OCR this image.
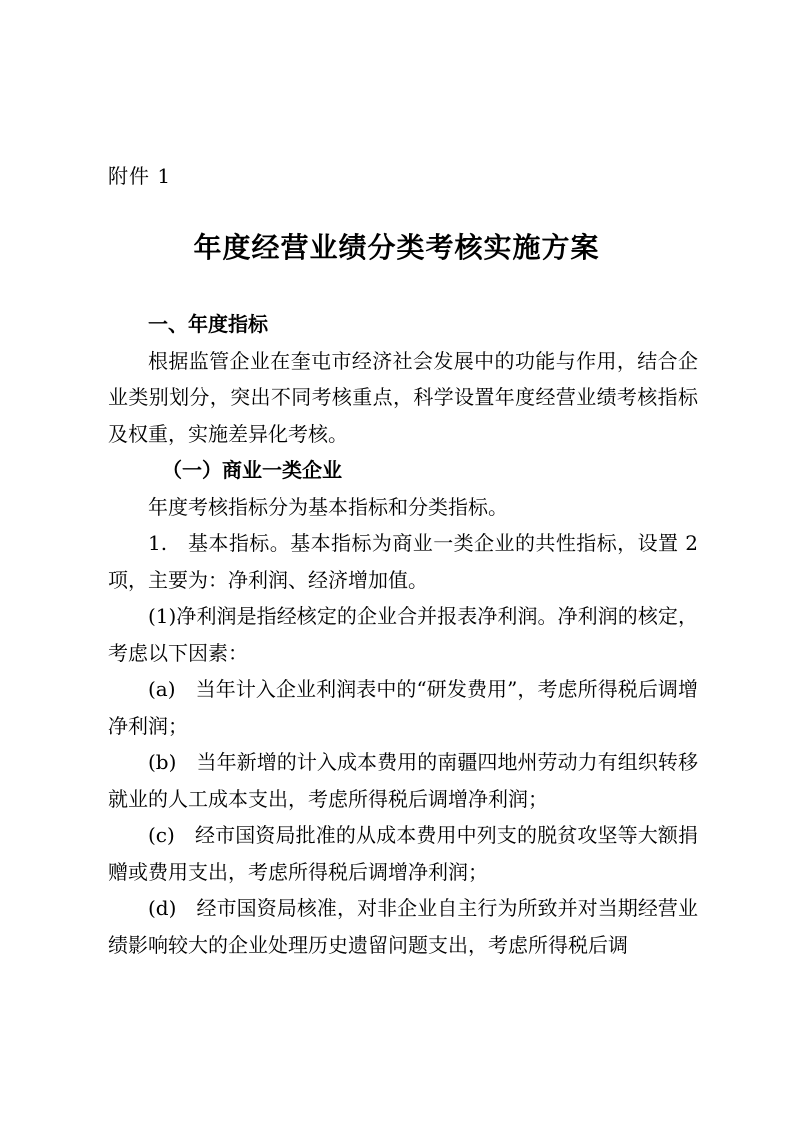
附件 1
年度经营业绩分类考核实施方案

一、年度指标

根据监管企业在奎屯市经济社会发展中的功能与作用，结合企业类别划分，突出不同考核重点，科学设置年度经营业绩考核指标及权重，实施差异化考核。

（一）商业一类企业

年度考核指标分为基本指标和分类指标。

1.　基本指标。基本指标为商业一类企业的共性指标，设置 2 项，主要为：净利润、经济增加值。

(1)净利润是指经核定的企业合并报表净利润。净利润的核定，考虑以下因素：

(a)　当年计入企业利润表中的“研发费用”，考虑所得税后调增净利润；

(b)　当年新增的计入成本费用的南疆四地州劳动力有组织转移就业的人工成本支出，考虑所得税后调增净利润；

(c)　经市国资局批准的从成本费用中列支的脱贫攻坚等大额捐赠或费用支出，考虑所得税后调增净利润；

(d)　经市国资局核准，对非企业自主行为所致并对当期经营业绩影响较大的企业处理历史遗留问题支出，考虑所得税后调
